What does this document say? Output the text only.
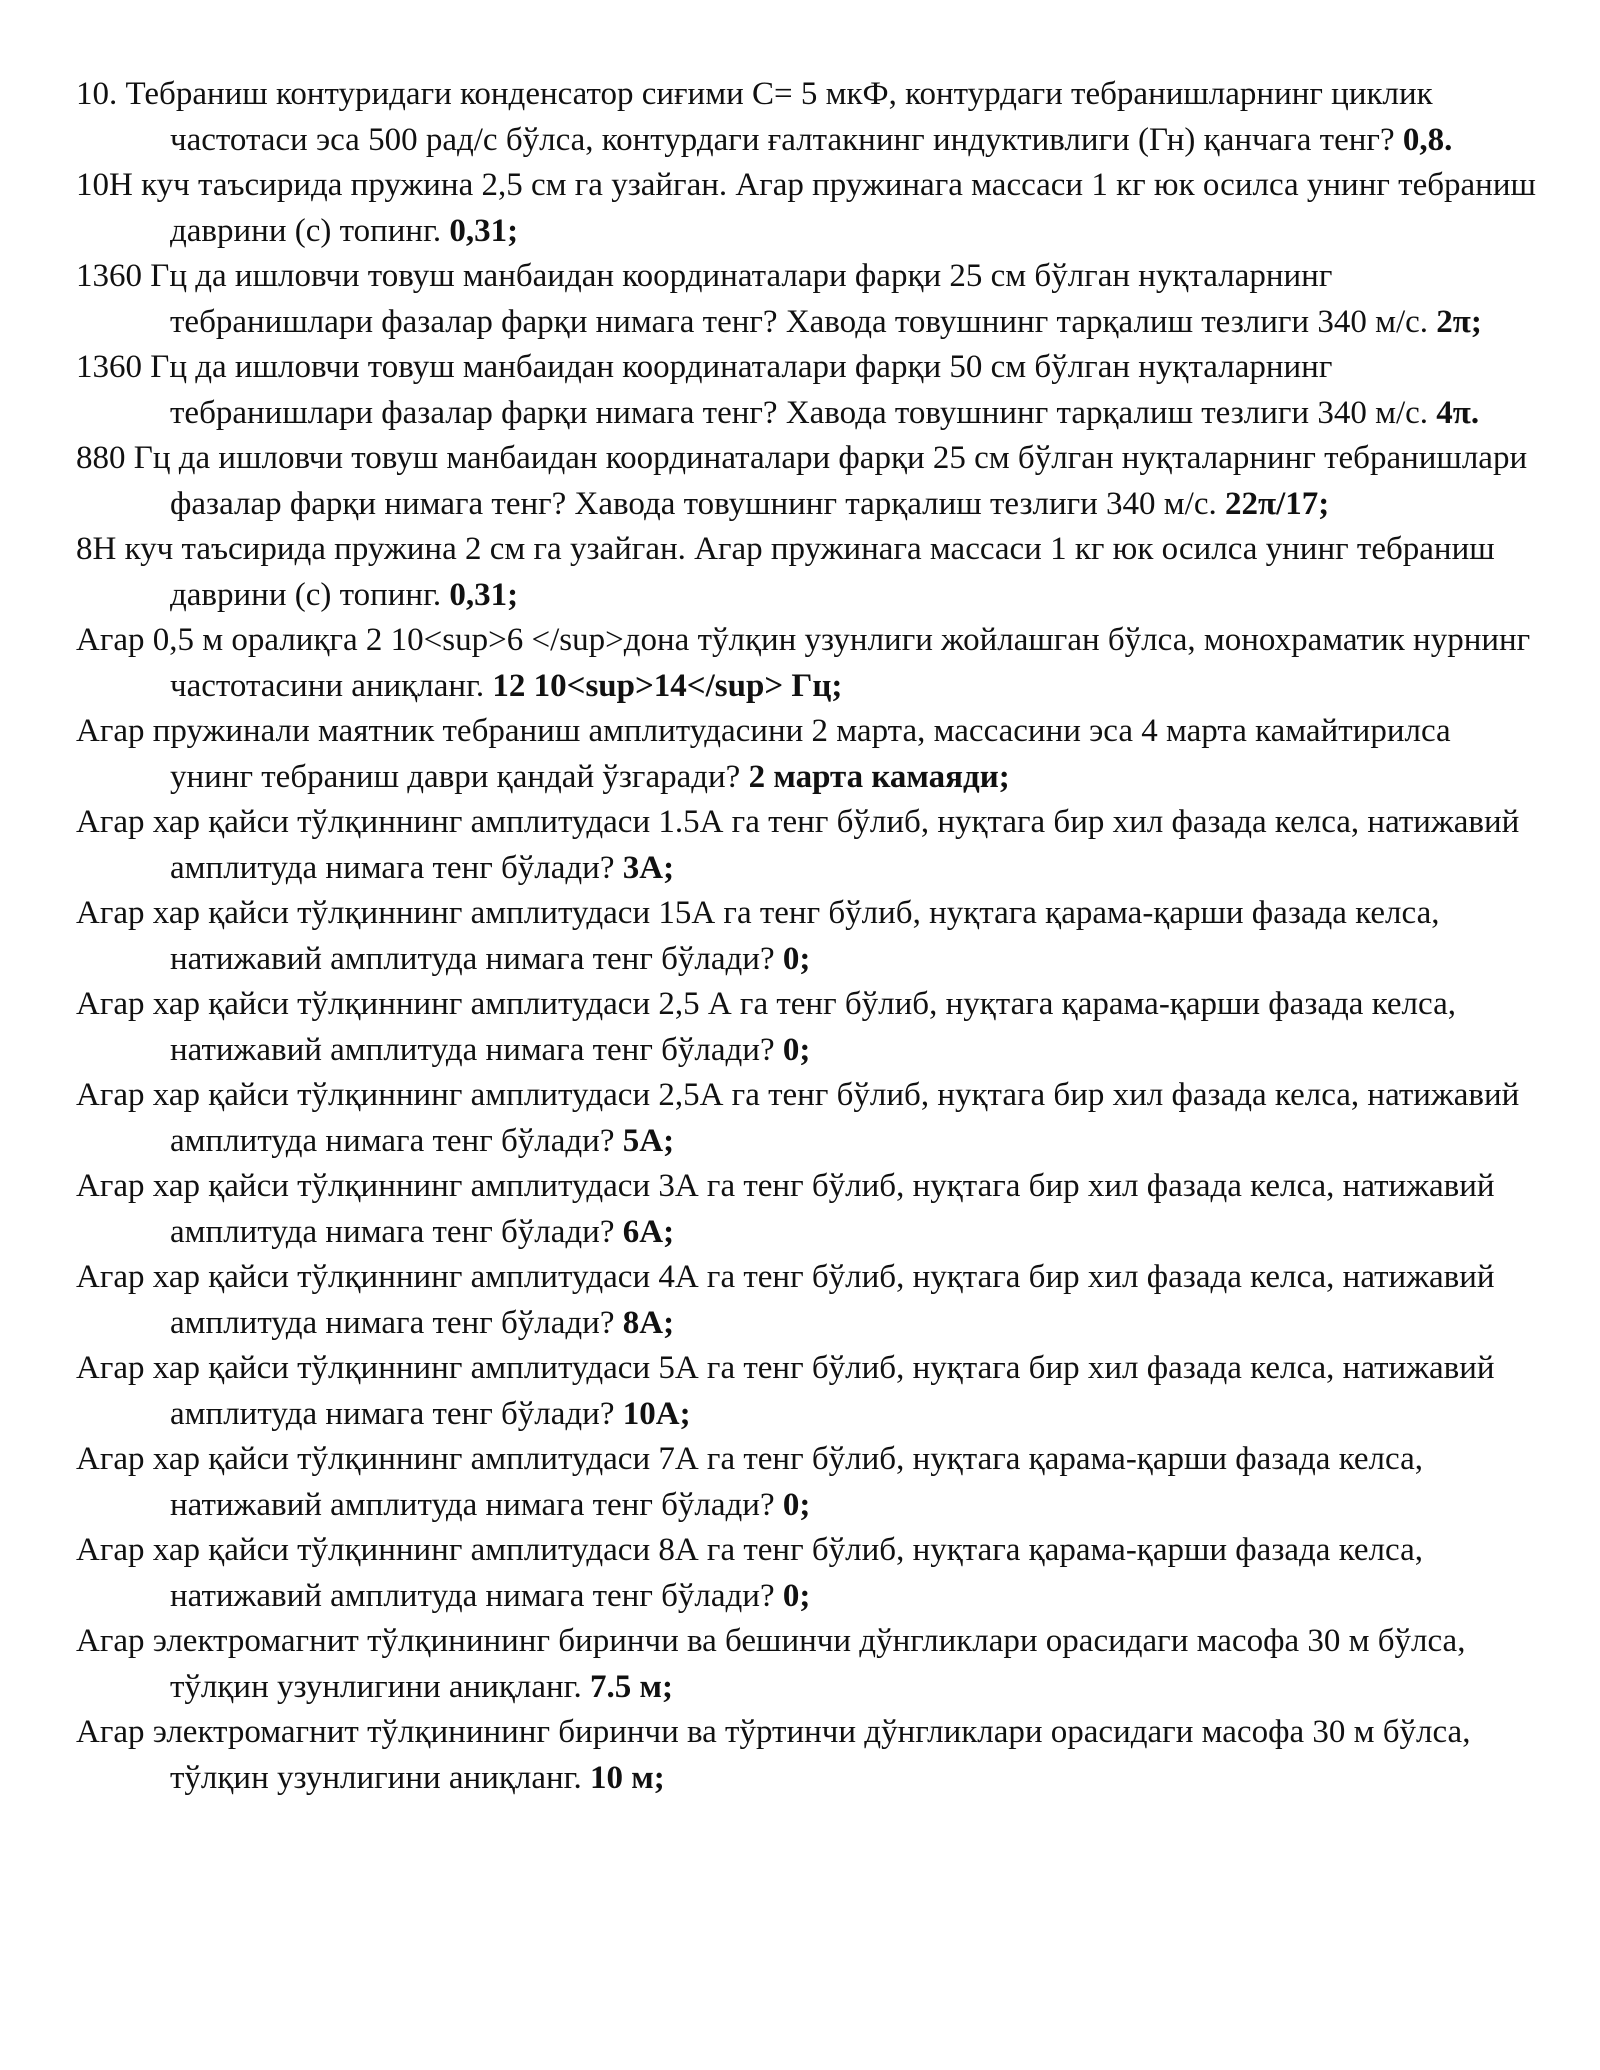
10. Тебраниш контуридаги конденсатор сиғими С= 5 мкФ, контурдаги тебранишларнинг циклик частотаси эса 500 рад/с бўлса, контурдаги ғалтакнинг индуктивлиги (Гн) қанчага тенг? 0,8.

10Н куч таъсирида пружина 2,5 см га узайган. Агар пружинага массаси 1 кг юк осилса унинг тебраниш даврини (с) топинг. 0,31;

1360 Гц да ишловчи товуш манбаидан координаталари фарқи 25 см бўлган нуқталарнинг тебранишлари фазалар фарқи нимага тенг? Хавода товушнинг тарқалиш тезлиги 340 м/с. 2π;

1360 Гц да ишловчи товуш манбаидан координаталари фарқи 50 см бўлган нуқталарнинг тебранишлари фазалар фарқи нимага тенг? Хавода товушнинг тарқалиш тезлиги 340 м/с. 4π.

880 Гц да ишловчи товуш манбаидан координаталари фарқи 25 см бўлган нуқталарнинг тебранишлари фазалар фарқи нимага тенг? Хавода товушнинг тарқалиш тезлиги 340 м/с. 22π/17;

8Н куч таъсирида пружина 2 см га узайган. Агар пружинага массаси 1 кг юк осилса унинг тебраниш даврини (с) топинг. 0,31;

Агар 0,5 м оралиқга 2 10<sup>6 </sup>дона тўлқин узунлиги жойлашган бўлса, монохраматик нурнинг частотасини аниқланг. 12 10<sup>14</sup> Гц;

Агар пружинали маятник тебраниш амплитудасини 2 марта, массасини эса 4 марта камайтирилса унинг тебраниш даври қандай ўзгаради? 2 марта камаяди;

Агар хар қайси тўлқиннинг амплитудаси 1.5А га тенг бўлиб, нуқтага бир хил фазада келса, натижавий амплитуда нимага тенг бўлади? 3А;

Агар хар қайси тўлқиннинг амплитудаси 15А га тенг бўлиб, нуқтага қарама-қарши фазада келса, натижавий амплитуда нимага тенг бўлади? 0;

Агар хар қайси тўлқиннинг амплитудаси 2,5 А га тенг бўлиб, нуқтага қарама-қарши фазада келса, натижавий амплитуда нимага тенг бўлади? 0;

Агар хар қайси тўлқиннинг амплитудаси 2,5А га тенг бўлиб, нуқтага бир хил фазада келса, натижавий амплитуда нимага тенг бўлади? 5А;

Агар хар қайси тўлқиннинг амплитудаси 3А га тенг бўлиб, нуқтага бир хил фазада келса, натижавий амплитуда нимага тенг бўлади? 6А;

Агар хар қайси тўлқиннинг амплитудаси 4А га тенг бўлиб, нуқтага бир хил фазада келса, натижавий амплитуда нимага тенг бўлади? 8А;

Агар хар қайси тўлқиннинг амплитудаси 5А га тенг бўлиб, нуқтага бир хил фазада келса, натижавий амплитуда нимага тенг бўлади? 10А;

Агар хар қайси тўлқиннинг амплитудаси 7А га тенг бўлиб, нуқтага қарама-қарши фазада келса, натижавий амплитуда нимага тенг бўлади? 0;

Агар хар қайси тўлқиннинг амплитудаси 8А га тенг бўлиб, нуқтага қарама-қарши фазада келса, натижавий амплитуда нимага тенг бўлади? 0;

Агар электромагнит тўлқинининг биринчи ва бешинчи дўнгликлари орасидаги масофа 30 м бўлса, тўлқин узунлигини аниқланг. 7.5 м;

Агар электромагнит тўлқинининг биринчи ва тўртинчи дўнгликлари орасидаги масофа 30 м бўлса, тўлқин узунлигини аниқланг. 10 м;
